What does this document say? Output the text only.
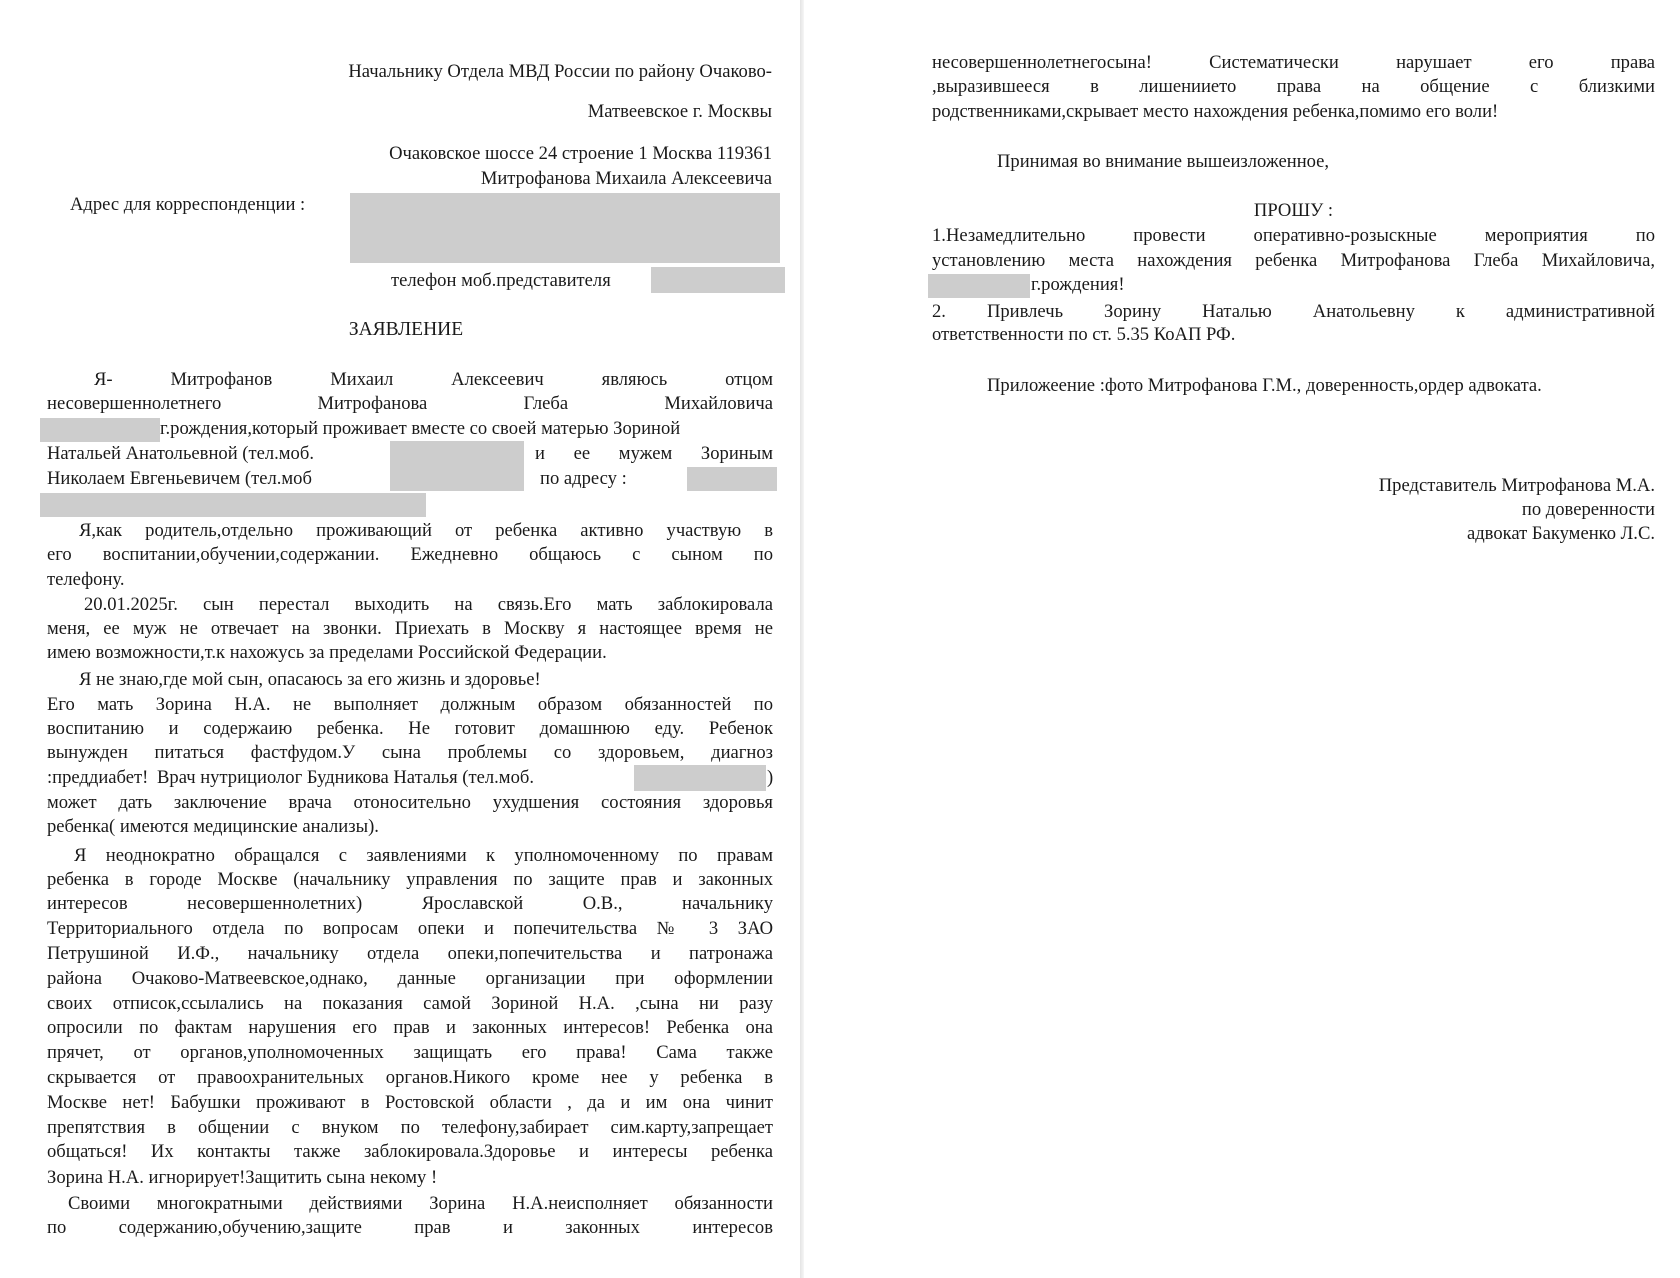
Начальнику Отдела МВД России по району Очаково-
Матвеевское г. Москвы
Очаковское шоссе 24 строение 1 Москва 119361
Митрофанова Михаила Алексеевича
Адрес для корреспонденции :
телефон моб.представителя
ЗАЯВЛЕНИЕ
Я- Митрофанов Михаил Алексеевич являюсь отцом
несовершеннолетнего Митрофанова Глеба Михайловича
г.рождения,который проживает вместе со своей матерью Зориной
Натальей Анатольевной (тел.моб.	и ее мужем Зориным
Николаем Евгеньевичем (тел.моб	по адресу :
Я,как родитель,отдельно проживающий от ребенка активно участвую в
его воспитании,обучении,содержании. Ежедневно общаюсь с сыном по
телефону.
20.01.2025г. сын перестал выходить на связь.Его мать заблокировала
меня, ее муж не отвечает на звонки. Приехать в Москву я настоящее время не
имею возможности,т.к нахожусь за пределами Российской Федерации.
Я не знаю,где мой сын, опасаюсь за его жизнь и здоровье!
Его мать Зорина Н.А. не выполняет должным образом обязанностей по
воспитанию и содержаию ребенка. Не готовит домашнюю еду. Ребенок
вынужден питаться фастфудом.У сына проблемы со здоровьем, диагноз
:преддиабет! Врач нутрициолог Будникова Наталья (тел.моб.	)
может дать заключение врача отоносительно ухудшения состояния здоровья
ребенка( имеются медицинские анализы).
Я неоднократно обращался с заявлениями к уполномоченному по правам
ребенка в городе Москве (начальнику управления по защите прав и законных
интересов несовершеннолетних) Ярославской О.В., начальнику
Территориального отдела по вопросам опеки и попечительства № 3 ЗАО
Петрушиной И.Ф., начальнику отдела опеки,попечительства и патронажа
района Очаково-Матвеевское,однако, данные организации при оформлении
своих отписок,ссылались на показания самой Зориной Н.А. ,сына ни разу
опросили по фактам нарушения его прав и законных интересов! Ребенка она
прячет, от органов,уполномоченных защищать его права! Сама также
скрывается от правоохранительных органов.Никого кроме нее у ребенка в
Москве нет! Бабушки проживают в Ростовской области , да и им она чинит
препятствия в общении с внуком по телефону,забирает сим.карту,запрещает
общаться! Их контакты также заблокировала.Здоровье и интересы ребенка
Зорина Н.А. игнорирует!Защитить сына некому !
Своими многократными действиями Зорина Н.А.неисполняет обязанности
по содержанию,обучению,защите прав и законных интересов
несовершеннолетнегосына! Систематически нарушает его права
,выразившееся в лишениието права на общение с близкими
родственниками,скрывает место нахождения ребенка,помимо его воли!
Принимая во внимание вышеизложенное,
ПРОШУ :
1.Незамедлительно провести оперативно-розыскные мероприятия по
установлению места нахождения ребенка Митрофанова Глеба Михайловича,
г.рождения!
2. Привлечь Зорину Наталью Анатольевну к административной
ответственности по ст. 5.35 КоАП РФ.
Приложеение :фото Митрофанова Г.М., доверенность,ордер адвоката.
Представитель Митрофанова М.А.
по доверенности
адвокат Бакуменко Л.С.
